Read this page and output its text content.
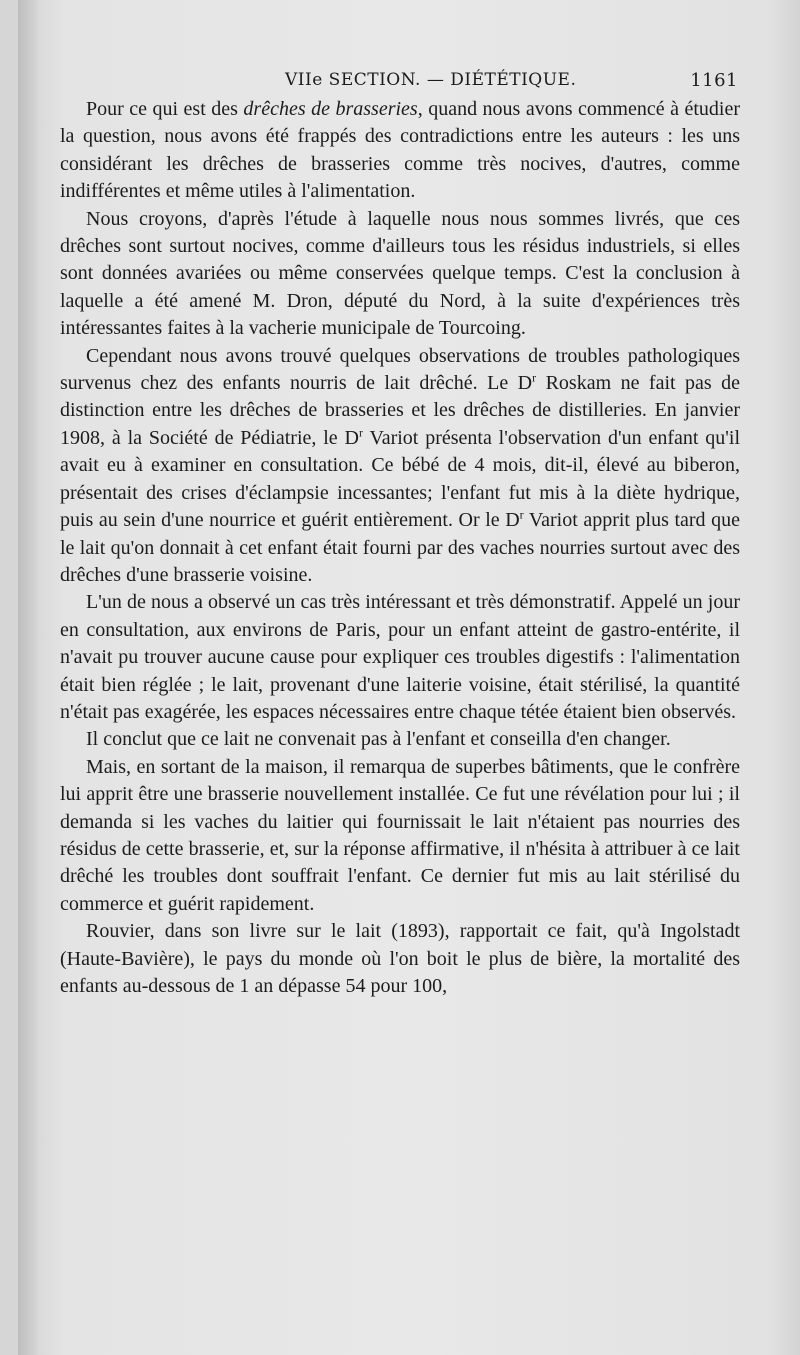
VIIe SECTION. — DIÉTÉTIQUE.	1161

Pour ce qui est des drêches de brasseries, quand nous avons commencé à étudier la question, nous avons été frappés des contradictions entre les auteurs : les uns considérant les drêches de brasseries comme très nocives, d'autres, comme indifférentes et même utiles à l'alimentation.

Nous croyons, d'après l'étude à laquelle nous nous sommes livrés, que ces drêches sont surtout nocives, comme d'ailleurs tous les résidus industriels, si elles sont données avariées ou même conservées quelque temps. C'est la conclusion à laquelle a été amené M. Dron, député du Nord, à la suite d'expériences très intéressantes faites à la vacherie municipale de Tourcoing.

Cependant nous avons trouvé quelques observations de troubles pathologiques survenus chez des enfants nourris de lait drêché. Le $D^r$ Roskam ne fait pas de distinction entre les drêches de brasseries et les drêches de distilleries. En janvier 1908, à la Société de Pédiatrie, le $D^r$ Variot présenta l'observation d'un enfant qu'il avait eu à examiner en consultation. Ce bébé de 4 mois, dit-il, élevé au biberon, présentait des crises d'éclampsie incessantes; l'enfant fut mis à la diète hydrique, puis au sein d'une nourrice et guérit entièrement. Or le $D^r$ Variot apprit plus tard que le lait qu'on donnait à cet enfant était fourni par des vaches nourries surtout avec des drêches d'une brasserie voisine.

L'un de nous a observé un cas très intéressant et très démonstratif. Appelé un jour en consultation, aux environs de Paris, pour un enfant atteint de gastro-entérite, il n'avait pu trouver aucune cause pour expliquer ces troubles digestifs : l'alimentation était bien réglée ; le lait, provenant d'une laiterie voisine, était stérilisé, la quantité n'était pas exagérée, les espaces nécessaires entre chaque tétée étaient bien observés.

Il conclut que ce lait ne convenait pas à l'enfant et conseilla d'en changer.

Mais, en sortant de la maison, il remarqua de superbes bâtiments, que le confrère lui apprit être une brasserie nouvellement installée. Ce fut une révélation pour lui ; il demanda si les vaches du laitier qui fournissait le lait n'étaient pas nourries des résidus de cette brasserie, et, sur la réponse affirmative, il n'hésita à attribuer à ce lait drêché les troubles dont souffrait l'enfant. Ce dernier fut mis au lait stérilisé du commerce et guérit rapidement.

Rouvier, dans son livre sur le lait (1893), rapportait ce fait, qu'à Ingolstadt (Haute-Bavière), le pays du monde où l'on boit le plus de bière, la mortalité des enfants au-dessous de 1 an dépasse 54 pour 100,
